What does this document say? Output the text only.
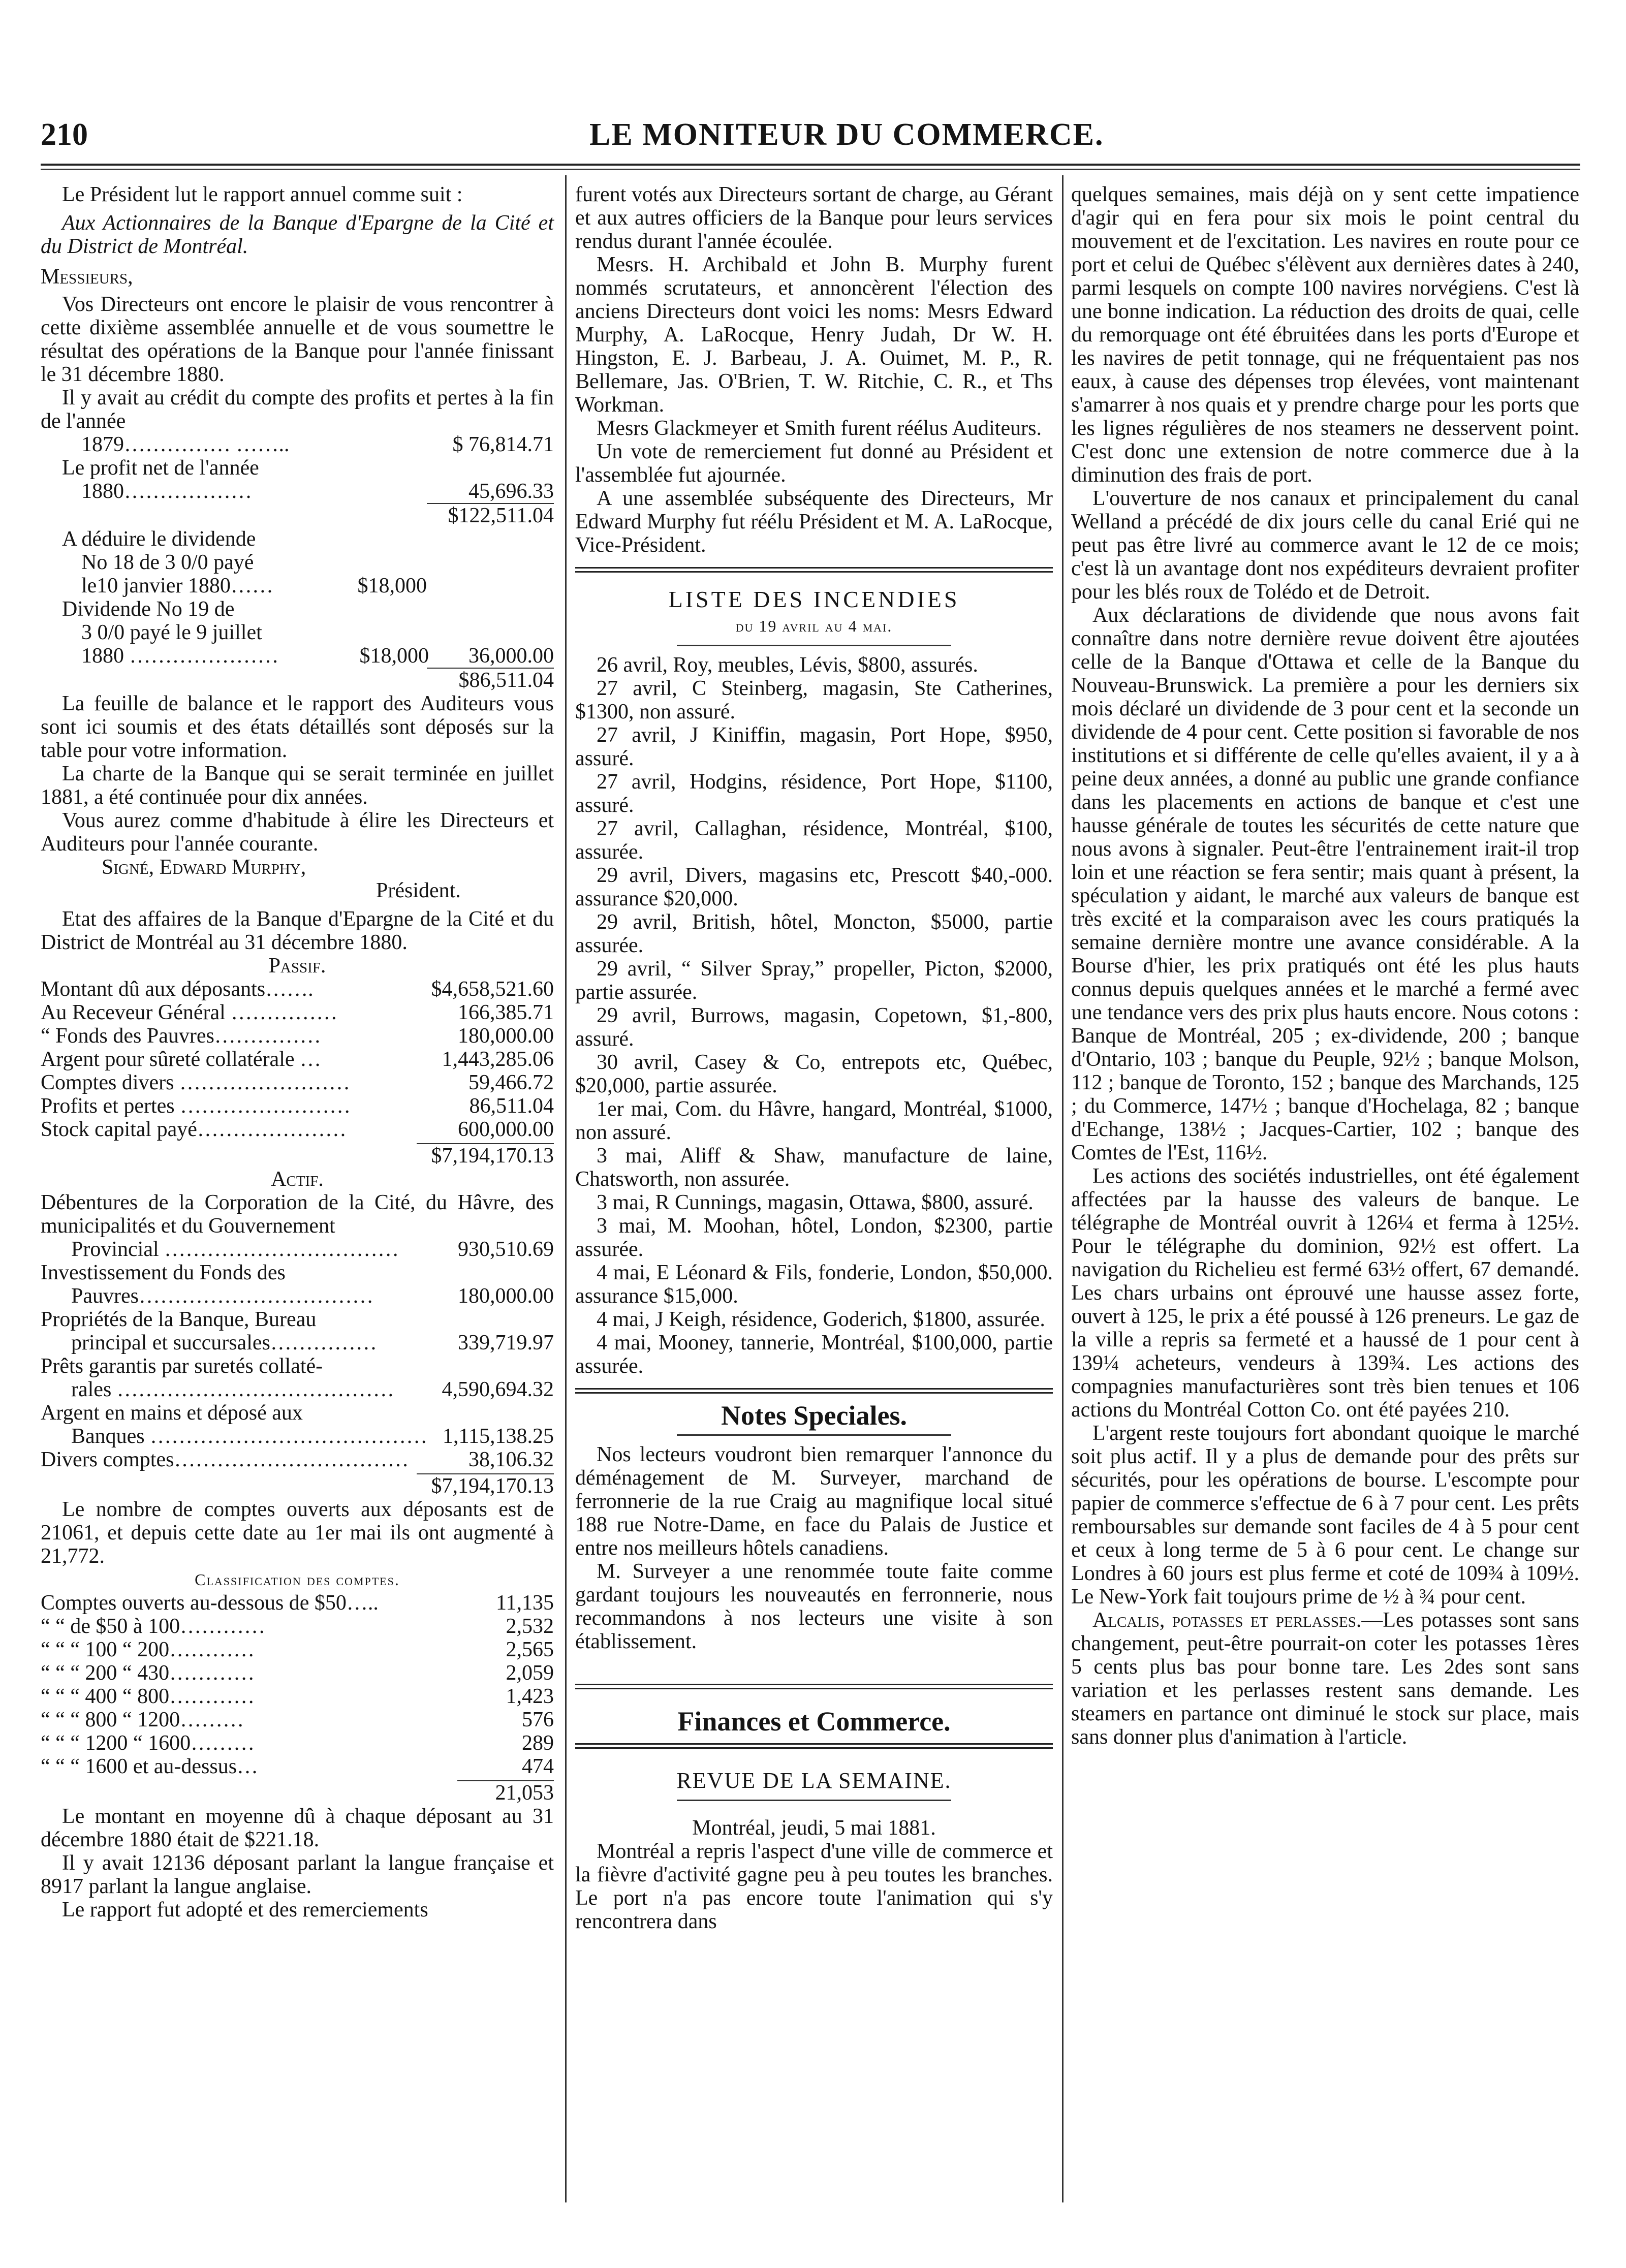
210	LE MONITEUR DU COMMERCE.

Le Président lut le rapport annuel comme suit :

Aux Actionnaires de la Banque d'Epargne de la Cité et du District de Montréal.

Messieurs,

Vos Directeurs ont encore le plaisir de vous rencontrer à cette dixième assemblée annuelle et de vous soumettre le résultat des opérations de la Banque pour l'année finissant le 31 décembre 1880.

Il y avait au crédit du compte des profits et pertes à la fin de l'année

1879…………… ……..	$ 76,814.71

Le profit net de l'année

1880………………	45,696.33
$122,511.04

A déduire le dividende

No 18 de 3 0/0 payé

le10 janvier 1880……	$18,000

Dividende No 19 de

3 0/0 payé le 9 juillet

1880 …………………	$18,000	36,000.00
$86,511.04

La feuille de balance et le rapport des Auditeurs vous sont ici soumis et des états détaillés sont déposés sur la table pour votre information.

La charte de la Banque qui se serait terminée en juillet 1881, a été continuée pour dix années.

Vous aurez comme d'habitude à élire les Directeurs et Auditeurs pour l'année courante.

Signé, Edward Murphy,

Président.

Etat des affaires de la Banque d'Epargne de la Cité et du District de Montréal au 31 décembre 1880.

Passif.

Montant dû aux déposants…….	$4,658,521.60
Au Receveur Général ……………	166,385.71
“ Fonds des Pauvres……………	180,000.00
Argent pour sûreté collatérale …	1,443,285.06
Comptes divers ……………………	59,466.72
Profits et pertes ……………………	86,511.04
Stock capital payé…………………	600,000.00
$7,194,170.13

Actif.

Débentures de la Corporation de la Cité, du Hâvre, des municipalités et du Gouvernement

Provincial ……………………………	930,510.69

Investissement du Fonds des

Pauvres……………………………	180,000.00

Propriétés de la Banque, Bureau

principal et succursales……………	339,719.97

Prêts garantis par suretés collaté-

rales …………………………………	4,590,694.32

Argent en mains et déposé aux

Banques ………………………………… 1,115,138.25
Divers comptes……………………………	38,106.32
$7,194,170.13

Le nombre de comptes ouverts aux déposants est de 21061, et depuis cette date au 1er mai ils ont augmenté à 21,772.

Classification des comptes.

Comptes ouverts au-dessous de $50…..	11,135
“ “ de $50 à 100…………	2,532
“ “ “ 100 “ 200…………	2,565
“ “ “ 200 “ 430…………	2,059
“ “ “ 400 “ 800…………	1,423
“ “ “ 800 “ 1200………	576
“ “ “ 1200 “ 1600………	289
“ “ “ 1600 et au-dessus…	474
21,053

Le montant en moyenne dû à chaque déposant au 31 décembre 1880 était de $221.18.

Il y avait 12136 déposant parlant la langue française et 8917 parlant la langue anglaise.

Le rapport fut adopté et des remerciements

furent votés aux Directeurs sortant de charge, au Gérant et aux autres officiers de la Banque pour leurs services rendus durant l'année écoulée.

Mesrs. H. Archibald et John B. Murphy furent nommés scrutateurs, et annoncèrent l'élection des anciens Directeurs dont voici les noms: Mesrs Edward Murphy, A. LaRocque, Henry Judah, Dr W. H. Hingston, E. J. Barbeau, J. A. Ouimet, M. P., R. Bellemare, Jas. O'Brien, T. W. Ritchie, C. R., et Ths Workman.

Mesrs Glackmeyer et Smith furent réélus Auditeurs.

Un vote de remerciement fut donné au Président et l'assemblée fut ajournée.

A une assemblée subséquente des Directeurs, Mr Edward Murphy fut réélu Président et M. A. LaRocque, Vice-Président.

LISTE DES INCENDIES

du 19 avril au 4 mai.

26 avril, Roy, meubles, Lévis, $800, assurés.

27 avril, C Steinberg, magasin, Ste Catherines, $1300, non assuré.

27 avril, J Kiniffin, magasin, Port Hope, $950, assuré.

27 avril, Hodgins, résidence, Port Hope, $1100, assuré.

27 avril, Callaghan, résidence, Montréal, $100, assurée.

29 avril, Divers, magasins etc, Prescott $40,-000. assurance $20,000.

29 avril, British, hôtel, Moncton, $5000, partie assurée.

29 avril, “ Silver Spray,” propeller, Picton, $2000, partie assurée.

29 avril, Burrows, magasin, Copetown, $1,-800, assuré.

30 avril, Casey & Co, entrepots etc, Québec, $20,000, partie assurée.

1er mai, Com. du Hâvre, hangard, Montréal, $1000, non assuré.

3 mai, Aliff & Shaw, manufacture de laine, Chatsworth, non assurée.

3 mai, R Cunnings, magasin, Ottawa, $800, assuré.

3 mai, M. Moohan, hôtel, London, $2300, partie assurée.

4 mai, E Léonard & Fils, fonderie, London, $50,000. assurance $15,000.

4 mai, J Keigh, résidence, Goderich, $1800, assurée.

4 mai, Mooney, tannerie, Montréal, $100,000, partie assurée.

Notes Speciales.

Nos lecteurs voudront bien remarquer l'annonce du déménagement de M. Surveyer, marchand de ferronnerie de la rue Craig au magnifique local situé 188 rue Notre-Dame, en face du Palais de Justice et entre nos meilleurs hôtels canadiens.

M. Surveyer a une renommée toute faite comme gardant toujours les nouveautés en ferronnerie, nous recommandons à nos lecteurs une visite à son établissement.

Finances et Commerce.

REVUE DE LA SEMAINE.

Montréal, jeudi, 5 mai 1881.

Montréal a repris l'aspect d'une ville de commerce et la fièvre d'activité gagne peu à peu toutes les branches. Le port n'a pas encore toute l'animation qui s'y rencontrera dans

quelques semaines, mais déjà on y sent cette impatience d'agir qui en fera pour six mois le point central du mouvement et de l'excitation. Les navires en route pour ce port et celui de Québec s'élèvent aux dernières dates à 240, parmi lesquels on compte 100 navires norvégiens. C'est là une bonne indication. La réduction des droits de quai, celle du remorquage ont été ébruitées dans les ports d'Europe et les navires de petit tonnage, qui ne fréquentaient pas nos eaux, à cause des dépenses trop élevées, vont maintenant s'amarrer à nos quais et y prendre charge pour les ports que les lignes régulières de nos steamers ne desservent point. C'est donc une extension de notre commerce due à la diminution des frais de port.

L'ouverture de nos canaux et principalement du canal Welland a précédé de dix jours celle du canal Erié qui ne peut pas être livré au commerce avant le 12 de ce mois; c'est là un avantage dont nos expéditeurs devraient profiter pour les blés roux de Tolédo et de Detroit.

Aux déclarations de dividende que nous avons fait connaître dans notre dernière revue doivent être ajoutées celle de la Banque d'Ottawa et celle de la Banque du Nouveau-Brunswick. La première a pour les derniers six mois déclaré un dividende de 3 pour cent et la seconde un dividende de 4 pour cent. Cette position si favorable de nos institutions et si différente de celle qu'elles avaient, il y a à peine deux années, a donné au public une grande confiance dans les placements en actions de banque et c'est une hausse générale de toutes les sécurités de cette nature que nous avons à signaler. Peut-être l'entrainement irait-il trop loin et une réaction se fera sentir; mais quant à présent, la spéculation y aidant, le marché aux valeurs de banque est très excité et la comparaison avec les cours pratiqués la semaine dernière montre une avance considérable. A la Bourse d'hier, les prix pratiqués ont été les plus hauts connus depuis quelques années et le marché a fermé avec une tendance vers des prix plus hauts encore. Nous cotons : Banque de Montréal, 205 ; ex-dividende, 200 ; banque d'Ontario, 103 ; banque du Peuple, 92½ ; banque Molson, 112 ; banque de Toronto, 152 ; banque des Marchands, 125 ; du Commerce, 147½ ; banque d'Hochelaga, 82 ; banque d'Echange, 138½ ; Jacques-Cartier, 102 ; banque des Comtes de l'Est, 116½.

Les actions des sociétés industrielles, ont été également affectées par la hausse des valeurs de banque. Le télégraphe de Montréal ouvrit à 126¼ et ferma à 125½. Pour le télégraphe du dominion, 92½ est offert. La navigation du Richelieu est fermé 63½ offert, 67 demandé. Les chars urbains ont éprouvé une hausse assez forte, ouvert à 125, le prix a été poussé à 126 preneurs. Le gaz de la ville a repris sa fermeté et a haussé de 1 pour cent à 139¼ acheteurs, vendeurs à 139¾. Les actions des compagnies manufacturières sont très bien tenues et 106 actions du Montréal Cotton Co. ont été payées 210.

L'argent reste toujours fort abondant quoique le marché soit plus actif. Il y a plus de demande pour des prêts sur sécurités, pour les opérations de bourse. L'escompte pour papier de commerce s'effectue de 6 à 7 pour cent. Les prêts remboursables sur demande sont faciles de 4 à 5 pour cent et ceux à long terme de 5 à 6 pour cent. Le change sur Londres à 60 jours est plus ferme et coté de 109¾ à 109½. Le New-York fait toujours prime de ½ à ¾ pour cent.

Alcalis, potasses et perlasses.—Les potasses sont sans changement, peut-être pourrait-on coter les potasses 1ères 5 cents plus bas pour bonne tare. Les 2des sont sans variation et les perlasses restent sans demande. Les steamers en partance ont diminué le stock sur place, mais sans donner plus d'animation à l'article.
